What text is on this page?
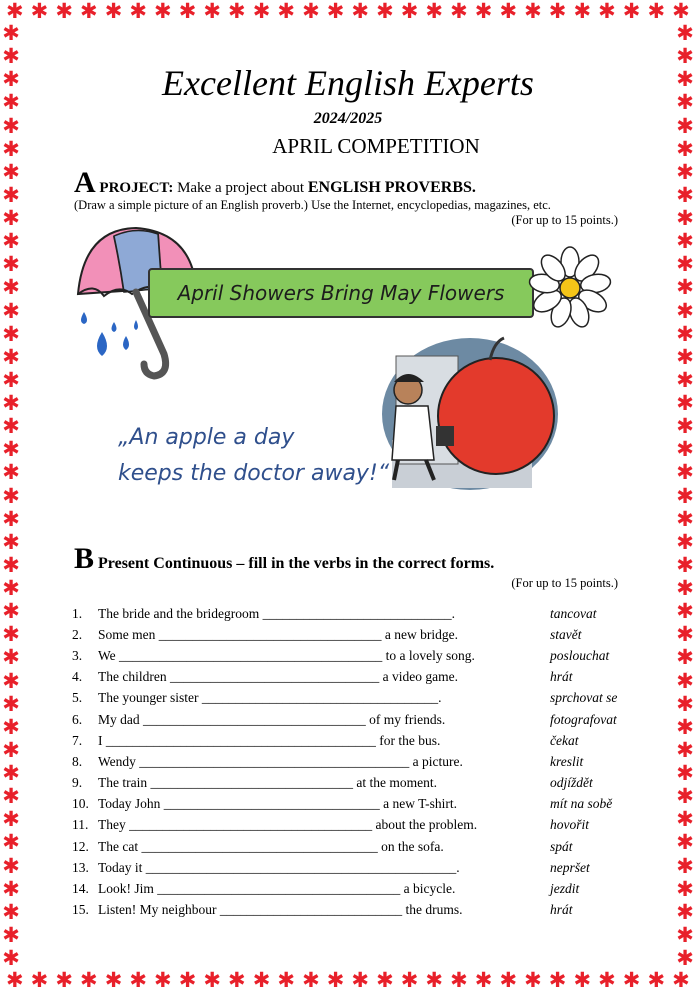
✱ ✱ ✱ ✱ ✱ ✱ ✱ ✱ ✱ ✱ ✱ ✱ ✱ ✱ ✱ ✱ ✱ ✱ ✱ ✱ ✱ ✱ ✱ ✱ ✱ ✱ ✱ ✱
✱ ✱ ✱ ✱ ✱ ✱ ✱ ✱ ✱ ✱ ✱ ✱ ✱ ✱ ✱ ✱ ✱ ✱ ✱ ✱ ✱ ✱ ✱ ✱ ✱ ✱ ✱ ✱
✱
✱
✱
✱
✱
✱
✱
✱
✱
✱
✱
✱
✱
✱
✱
✱
✱
✱
✱
✱
✱
✱
✱
✱
✱
✱
✱
✱
✱
✱
✱
✱
✱
✱
✱
✱
✱
✱
✱
✱
✱
✱
✱
✱
✱
✱
✱
✱
✱
✱
✱
✱
✱
✱
✱
✱
✱
✱
✱
✱
✱
✱
✱
✱
✱
✱
✱
✱
✱
✱
✱
✱
✱
✱
✱
✱
✱
✱
✱
✱
✱
✱
Excellent English Experts
2024/2025
APRIL COMPETITION
A PROJECT: Make a project about ENGLISH PROVERBS.
(Draw a simple picture of an English proverb.) Use the Internet, encyclopedias, magazines, etc.
(For up to 15 points.)
April Showers Bring May Flowers
„An apple a day
keeps the doctor away!“
B Present Continuous – fill in the verbs in the correct forms.
(For up to 15 points.)
1.	The bride and the bridegroom ____________________________.	tancovat
2.	Some men _________________________________ a new bridge.	stavět
3.	We _______________________________________ to a lovely song.	poslouchat
4.	The children _______________________________ a video game.	hrát
5.	The younger sister ___________________________________.	sprchovat se
6.	My dad _________________________________ of my friends.	fotografovat
7.	I ________________________________________ for the bus.	čekat
8.	Wendy ________________________________________ a picture.	kreslit
9.	The train ______________________________ at the moment.	odjíždět
10. Today John ________________________________ a new T-shirt.	mít na sobě
11. They ____________________________________ about the problem.	hovořit
12. The cat ___________________________________ on the sofa.	spát
13. Today it ______________________________________________.	nepršet
14. Look! Jim ____________________________________ a bicycle.	jezdit
15. Listen! My neighbour ___________________________ the drums.	hrát
